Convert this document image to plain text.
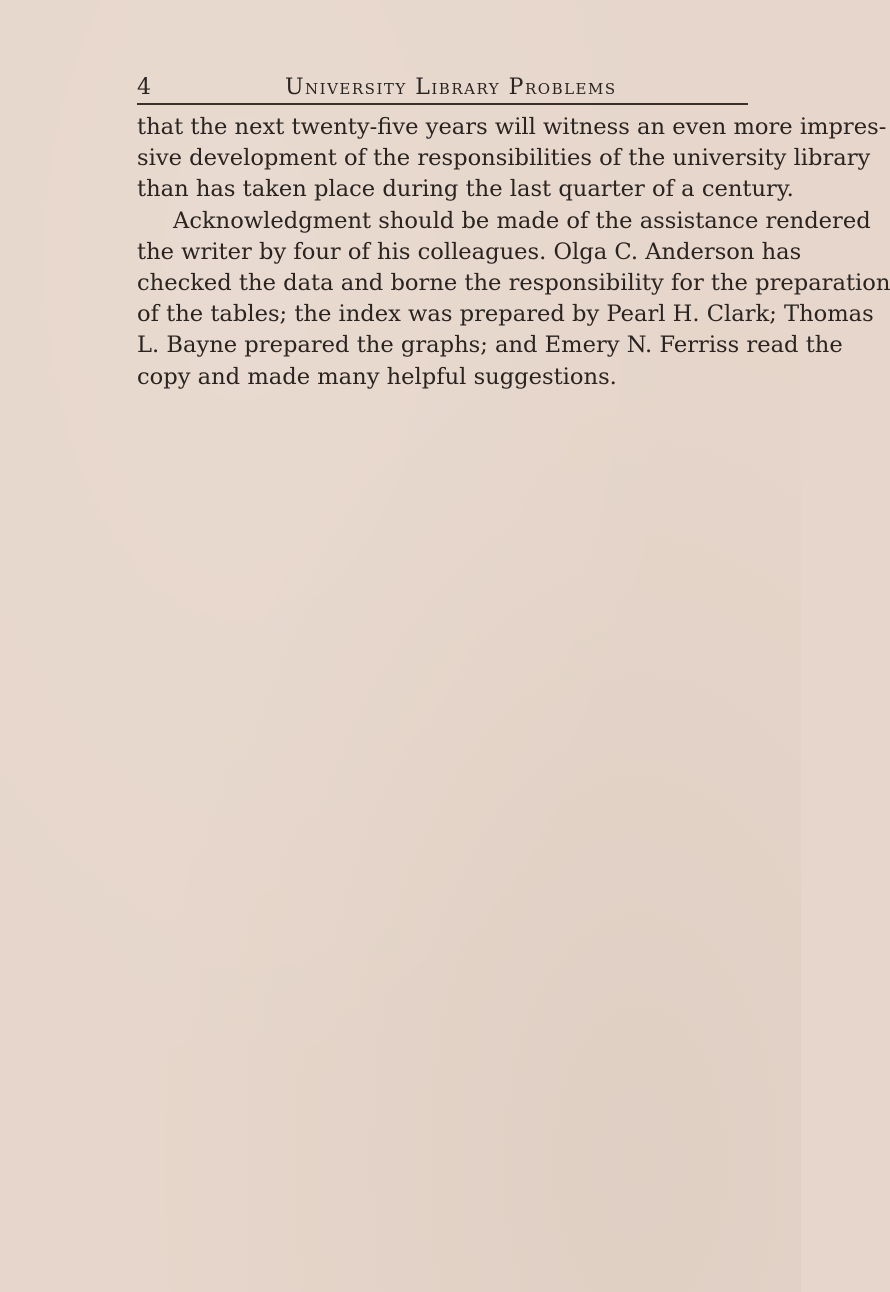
4	University Library Problems
that the next twenty-five years will witness an even more impres-
sive development of the responsibilities of the university library
than has taken place during the last quarter of a century.
Acknowledgment should be made of the assistance rendered
the writer by four of his colleagues. Olga C. Anderson has
checked the data and borne the responsibility for the preparation
of the tables; the index was prepared by Pearl H. Clark; Thomas
L. Bayne prepared the graphs; and Emery N. Ferriss read the
copy and made many helpful suggestions.
